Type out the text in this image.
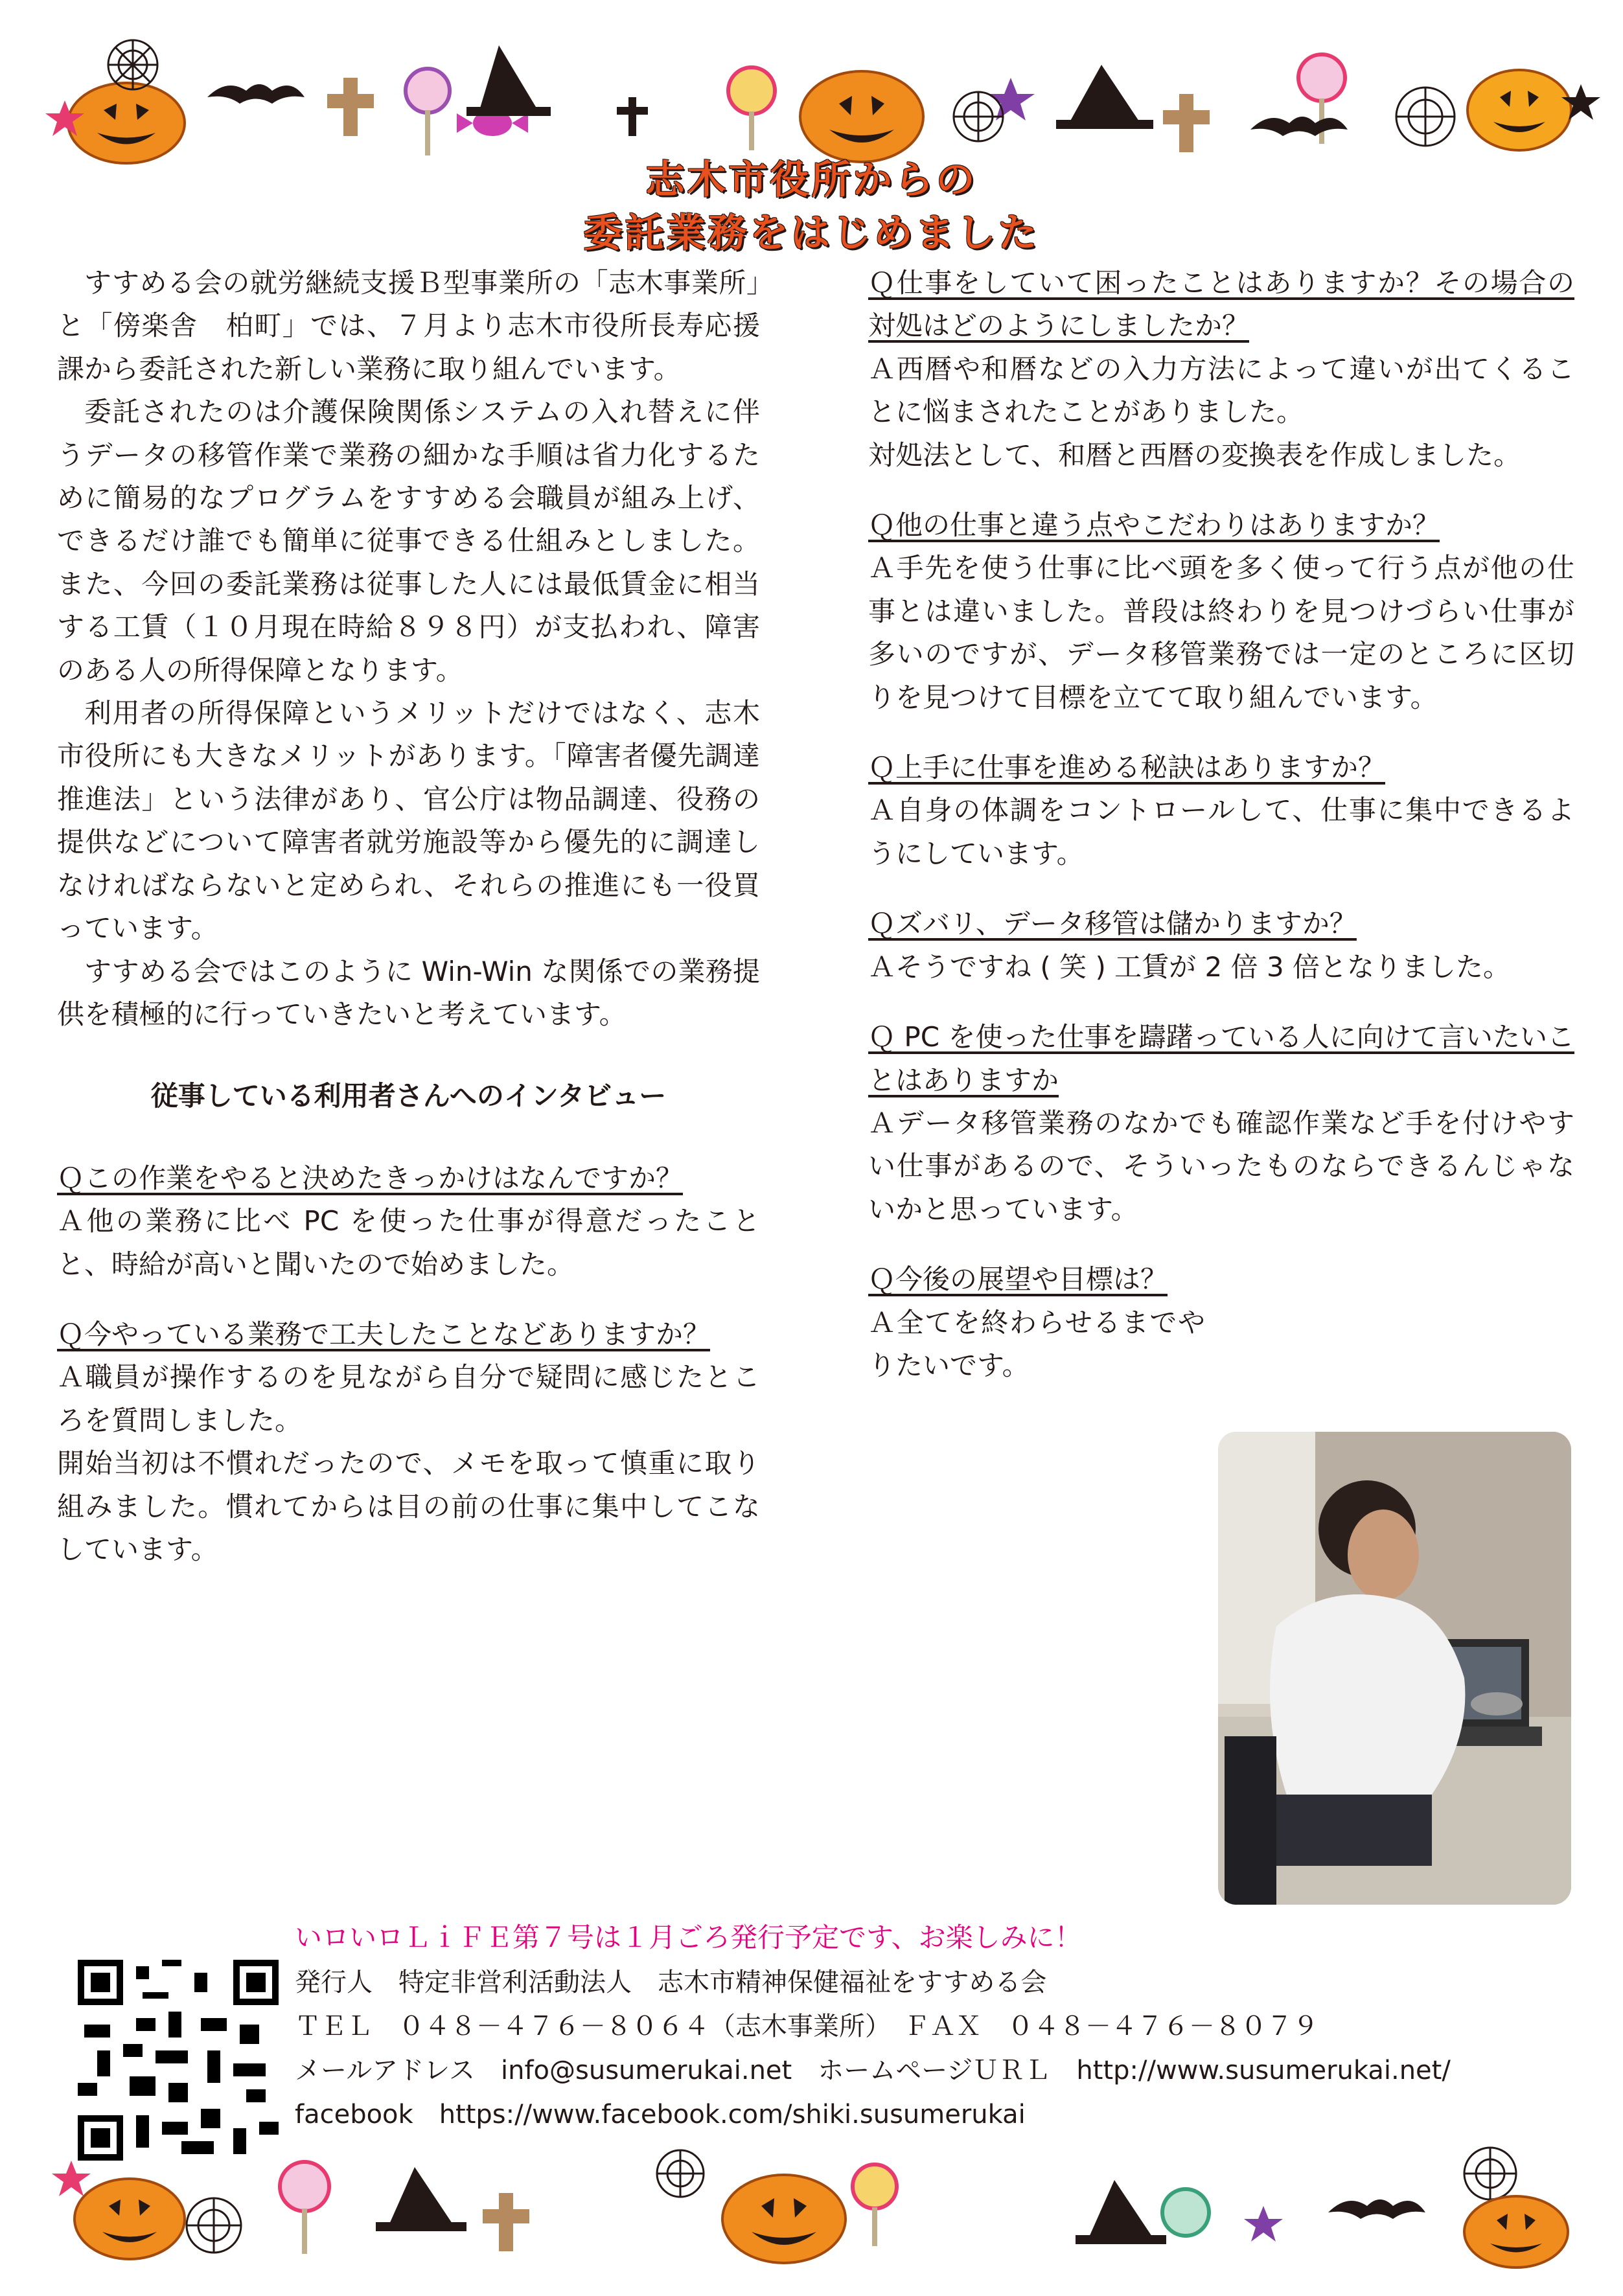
志木市役所からの
委託業務をはじめました

すすめる会の就労継続支援Ｂ型事業所の「志木事業所」と「傍楽舎　柏町」では、７月より志木市役所長寿応援課から委託された新しい業務に取り組んでいます。

委託されたのは介護保険関係システムの入れ替えに伴うデータの移管作業で業務の細かな手順は省力化するために簡易的なプログラムをすすめる会職員が組み上げ、できるだけ誰でも簡単に従事できる仕組みとしました。また、今回の委託業務は従事した人には最低賃金に相当する工賃（１０月現在時給８９８円）が支払われ、障害のある人の所得保障となります。

利用者の所得保障というメリットだけではなく、志木市役所にも大きなメリットがあります。「障害者優先調達推進法」という法律があり、官公庁は物品調達、役務の提供などについて障害者就労施設等から優先的に調達しなければならないと定められ、それらの推進にも一役買っています。

すすめる会ではこのように Win-Win な関係での業務提供を積極的に行っていきたいと考えています。

従事している利用者さんへのインタビュー

Ｑこの作業をやると決めたきっかけはなんですか？

Ａ他の業務に比べ PC を使った仕事が得意だったことと、時給が高いと聞いたので始めました。

Ｑ今やっている業務で工夫したことなどありますか？

Ａ職員が操作するのを見ながら自分で疑問に感じたところを質問しました。

開始当初は不慣れだったので、メモを取って慎重に取り組みました。慣れてからは目の前の仕事に集中してこなしています。

Ｑ仕事をしていて困ったことはありますか？その場合の対処はどのようにしましたか？

Ａ西暦や和暦などの入力方法によって違いが出てくることに悩まされたことがありました。

対処法として、和暦と西暦の変換表を作成しました。

Ｑ他の仕事と違う点やこだわりはありますか？

Ａ手先を使う仕事に比べ頭を多く使って行う点が他の仕事とは違いました。普段は終わりを見つけづらい仕事が多いのですが、データ移管業務では一定のところに区切りを見つけて目標を立てて取り組んでいます。

Ｑ上手に仕事を進める秘訣はありますか？

Ａ自身の体調をコントロールして、仕事に集中できるようにしています。

Ｑズバリ、データ移管は儲かりますか？

Ａそうですね ( 笑 ) 工賃が 2 倍 3 倍となりました。

Ｑ PC を使った仕事を躊躇っている人に向けて言いたいことはありますか

Ａデータ移管業務のなかでも確認作業など手を付けやすい仕事があるので、そういったものならできるんじゃないかと思っています。

Ｑ今後の展望や目標は？

Ａ全てを終わらせるまでやりたいです。

いロいロＬｉＦＥ第７号は１月ごろ発行予定です、お楽しみに！

発行人　特定非営利活動法人　志木市精神保健福祉をすすめる会

ＴＥＬ　０４８－４７６－８０６４（志木事業所）　ＦＡＸ　０４８－４７６－８０７９

メールアドレス　info@susumerukai.net　ホームページＵＲＬ　http://www.susumerukai.net/

facebook　https://www.facebook.com/shiki.susumerukai
